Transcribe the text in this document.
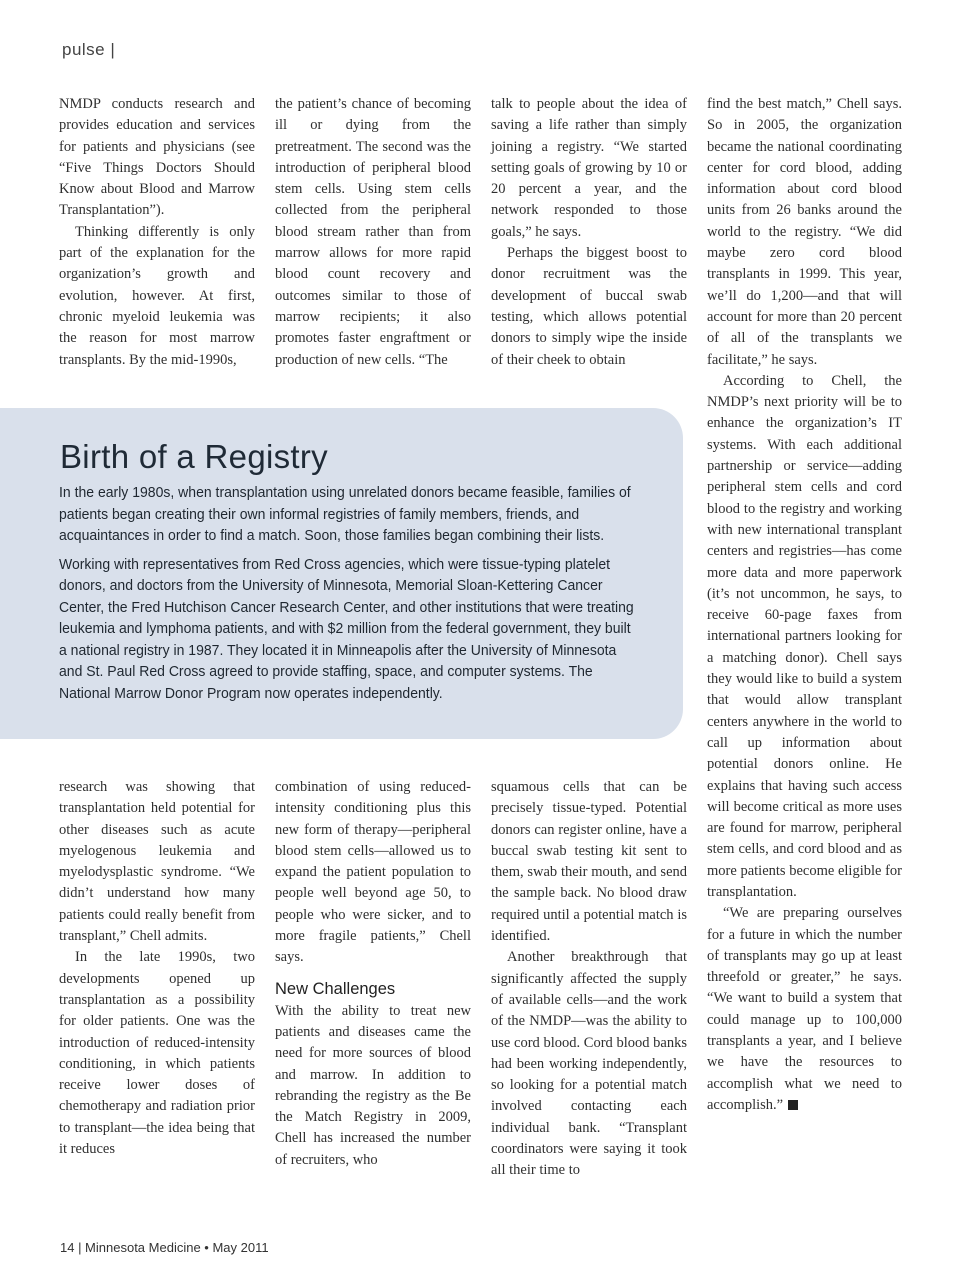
pulse |

NMDP conducts research and provides education and services for patients and physicians (see “Five Things Doctors Should Know about Blood and Marrow Transplantation”).

Thinking differently is only part of the explanation for the organization’s growth and evolution, however. At first, chronic myeloid leukemia was the reason for most marrow transplants. By the mid-1990s,

the patient’s chance of becoming ill or dying from the pretreatment. The second was the introduction of peripheral blood stem cells. Using stem cells collected from the peripheral blood stream rather than from marrow allows for more rapid blood count recovery and outcomes similar to those of marrow recipients; it also promotes faster engraftment or production of new cells. “The

talk to people about the idea of saving a life rather than simply joining a registry. “We started setting goals of growing by 10 or 20 percent a year, and the network responded to those goals,” he says.

Perhaps the biggest boost to donor recruitment was the development of buccal swab testing, which allows potential donors to simply wipe the inside of their cheek to obtain

Birth of a Registry

In the early 1980s, when transplantation using unrelated donors became feasible, families of patients began creating their own informal registries of family members, friends, and acquaintances in order to find a match. Soon, those families began combining their lists.

Working with representatives from Red Cross agencies, which were tissue-typing platelet donors, and doctors from the University of Minnesota, Memorial Sloan-Kettering Cancer Center, the Fred Hutchison Cancer Research Center, and other institutions that were treating leukemia and lymphoma patients, and with $2 million from the federal government, they built a national registry in 1987. They located it in Minneapolis after the University of Minnesota and St. Paul Red Cross agreed to provide staffing, space, and computer systems. The National Marrow Donor Program now operates independently.

find the best match,” Chell says. So in 2005, the organization became the national coordinating center for cord blood, adding information about cord blood units from 26 banks around the world to the registry. “We did maybe zero cord blood transplants in 1999. This year, we’ll do 1,200—and that will account for more than 20 percent of all of the transplants we facilitate,” he says.

According to Chell, the NMDP’s next priority will be to enhance the organization’s IT systems. With each additional partnership or service—adding peripheral stem cells and cord blood to the registry and working with new international transplant centers and registries—has come more data and more paperwork (it’s not uncommon, he says, to receive 60-page faxes from international partners looking for a matching donor). Chell says they would like to build a system that would allow transplant centers anywhere in the world to call up information about potential donors online. He explains that having such access will become critical as more uses are found for marrow, peripheral stem cells, and cord blood and as more patients become eligible for transplantation.

“We are preparing ourselves for a future in which the number of transplants may go up at least threefold or greater,” he says. “We want to build a system that could manage up to 100,000 transplants a year, and I believe we have the resources to accomplish what we need to accomplish.”

research was showing that transplantation held potential for other diseases such as acute myelogenous leukemia and myelodysplastic syndrome. “We didn’t understand how many patients could really benefit from transplant,” Chell admits.

In the late 1990s, two developments opened up transplantation as a possibility for older patients. One was the introduction of reduced-intensity conditioning, in which patients receive lower doses of chemotherapy and radiation prior to transplant—the idea being that it reduces

combination of using reduced-intensity conditioning plus this new form of therapy—peripheral blood stem cells—allowed us to expand the patient population to people well beyond age 50, to people who were sicker, and to more fragile patients,” Chell says.

New Challenges

With the ability to treat new patients and diseases came the need for more sources of blood and marrow. In addition to rebranding the registry as the Be the Match Registry in 2009, Chell has increased the number of recruiters, who

squamous cells that can be precisely tissue-typed. Potential donors can register online, have a buccal swab testing kit sent to them, swab their mouth, and send the sample back. No blood draw required until a potential match is identified.

Another breakthrough that significantly affected the supply of available cells—and the work of the NMDP—was the ability to use cord blood. Cord blood banks had been working independently, so looking for a potential match involved contacting each individual bank. “Transplant coordinators were saying it took all their time to

14 | Minnesota Medicine • May 2011
